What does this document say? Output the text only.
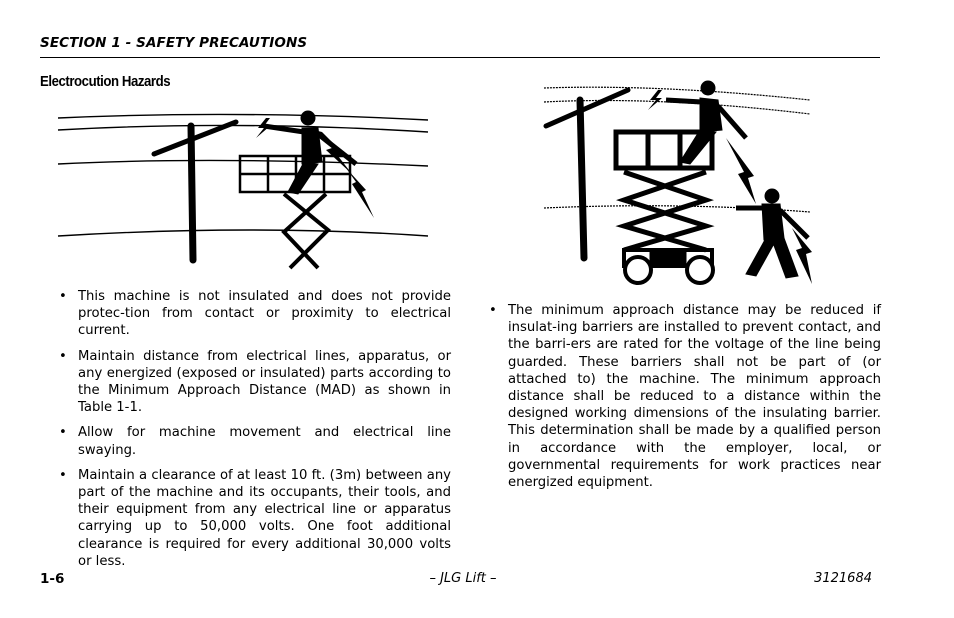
SECTION 1 - SAFETY PRECAUTIONS
Electrocution Hazards
• This machine is not insulated and does not provide protec-tion from contact or proximity to electrical current.
• Maintain distance from electrical lines, apparatus, or any energized (exposed or insulated) parts according to the Minimum Approach Distance (MAD) as shown in Table 1-1.
• Allow for machine movement and electrical line swaying.
• Maintain a clearance of at least 10 ft. (3m) between any part of the machine and its occupants, their tools, and their equipment from any electrical line or apparatus carrying up to 50,000 volts. One foot additional clearance is required for every additional 30,000 volts or less.
• The minimum approach distance may be reduced if insulat-ing barriers are installed to prevent contact, and the barri-ers are rated for the voltage of the line being guarded. These barriers shall not be part of (or attached to) the machine. The minimum approach distance shall be reduced to a distance within the designed working dimensions of the insulating barrier. This determination shall be made by a qualified person in accordance with the employer, local, or governmental requirements for work practices near energized equipment.
1-6	– JLG Lift –	3121684
